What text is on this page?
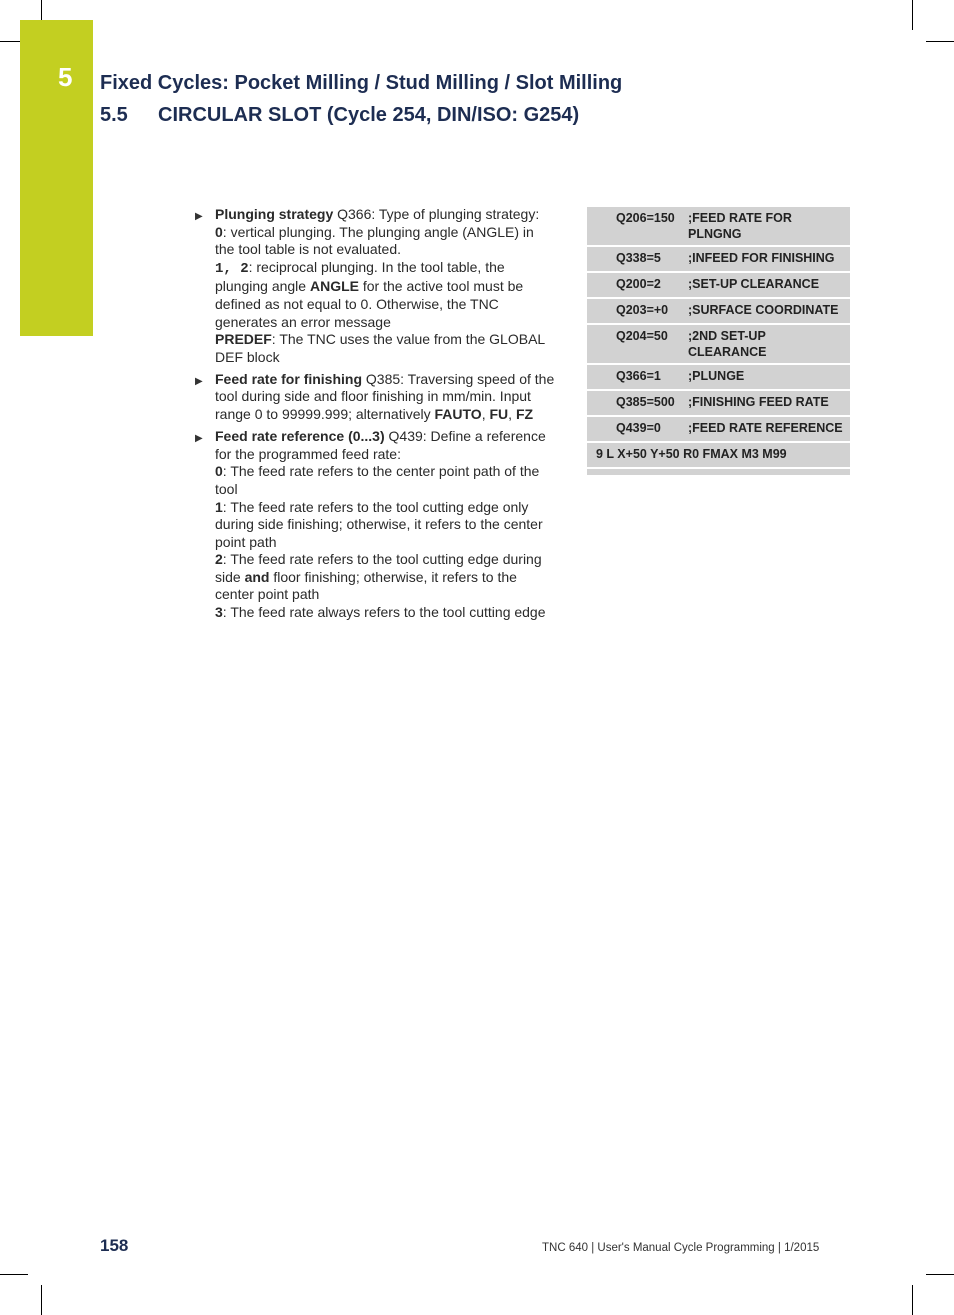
5 Fixed Cycles: Pocket Milling / Stud Milling / Slot Milling
5.5 CIRCULAR SLOT (Cycle 254, DIN/ISO: G254)
▶ Plunging strategy Q366: Type of plunging strategy:
0: vertical plunging. The plunging angle (ANGLE) in the tool table is not evaluated.
1, 2: reciprocal plunging. In the tool table, the plunging angle ANGLE for the active tool must be defined as not equal to 0. Otherwise, the TNC generates an error message
PREDEF: The TNC uses the value from the GLOBAL DEF block
▶ Feed rate for finishing Q385: Traversing speed of the tool during side and floor finishing in mm/min. Input range 0 to 99999.999; alternatively FAUTO, FU, FZ
▶ Feed rate reference (0...3) Q439: Define a reference for the programmed feed rate:
0: The feed rate refers to the center point path of the tool
1: The feed rate refers to the tool cutting edge only during side finishing; otherwise, it refers to the center point path
2: The feed rate refers to the tool cutting edge during side and floor finishing; otherwise, it refers to the center point path
3: The feed rate always refers to the tool cutting edge
Q206=150	;FEED RATE FOR PLNGNG
Q338=5	;INFEED FOR FINISHING
Q200=2	;SET-UP CLEARANCE
Q203=+0	;SURFACE COORDINATE
Q204=50	;2ND SET-UP CLEARANCE
Q366=1	;PLUNGE
Q385=500	;FINISHING FEED RATE
Q439=0	;FEED RATE REFERENCE
9 L X+50 Y+50 R0 FMAX M3 M99
158	TNC 640 | User's Manual Cycle Programming | 1/2015
